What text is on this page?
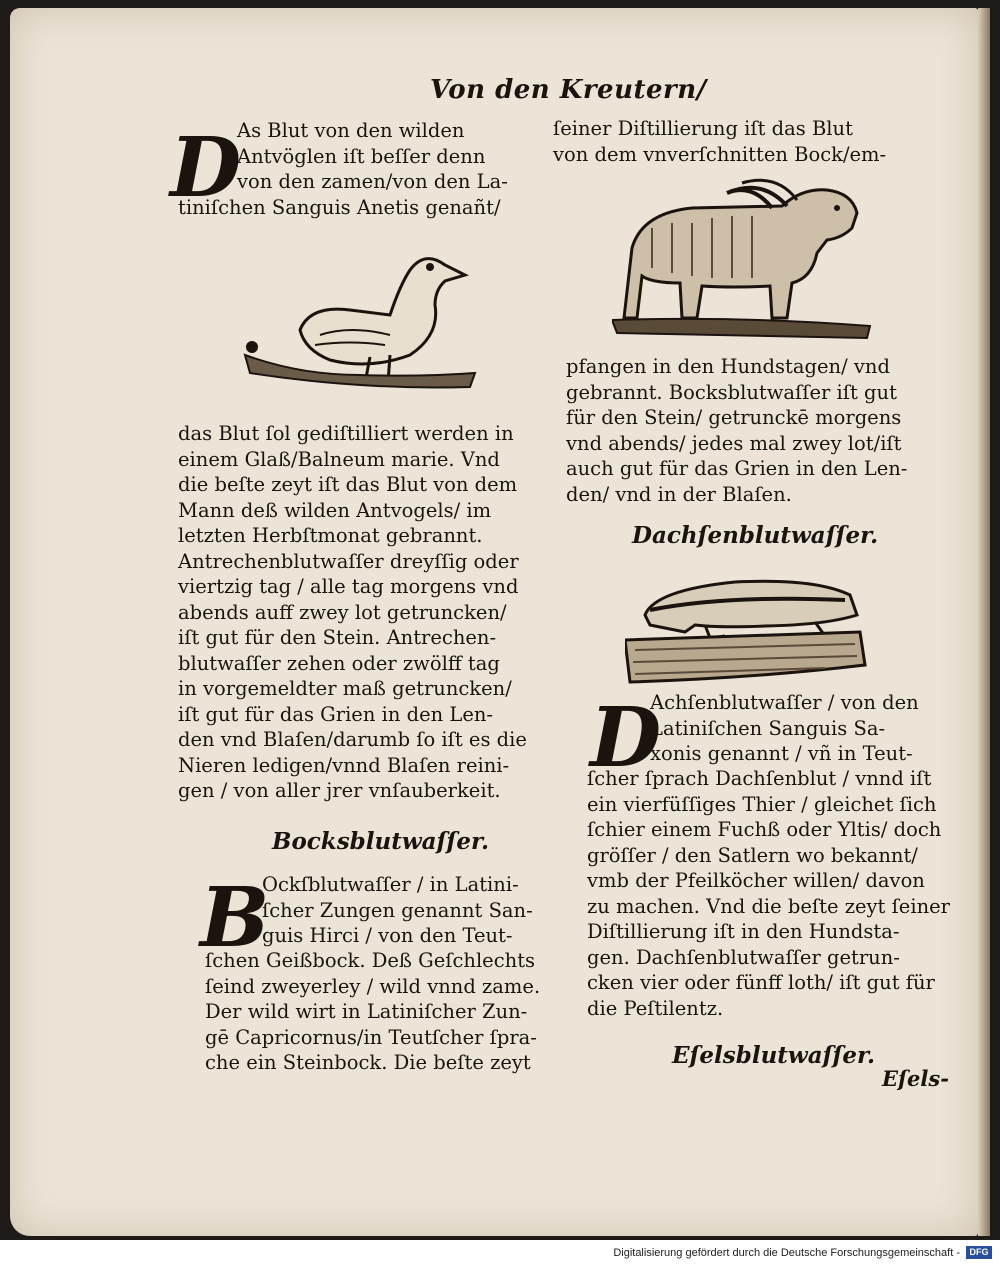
Von den Kreutern/
D

As Blut von den wilden

Antvöglen iſt beſſer denn

von den zamen/von den La-

tiniſchen Sanguis Anetis genañt/

das Blut ſol gediſtilliert werden in

einem Glaß/Balneum marie. Vnd

die beſte zeyt iſt das Blut von dem

Mann deß wilden Antvogels/ im

letzten Herbſtmonat gebrannt.

Antrechenblutwaſſer dreyſſig oder

viertzig tag / alle tag morgens vnd

abends auff zwey lot getruncken/

iſt gut für den Stein. Antrechen-

blutwaſſer zehen oder zwölff tag

in vorgemeldter maß getruncken/

iſt gut für das Grien in den Len-

den vnd Blaſen/darumb ſo iſt es die

Nieren ledigen/vnnd Blaſen reini-

gen / von aller jrer vnſauberkeit.

Bocksblutwaſſer.
B

Ockſblutwaſſer / in Latini-

ſcher Zungen genannt San-

guis Hirci / von den Teut-

ſchen Geißbock. Deß Geſchlechts

ſeind zweyerley / wild vnnd zame.

Der wild wirt in Latiniſcher Zun-

gē Capricornus/in Teutſcher ſpra-

che ein Steinbock. Die beſte zeyt

ſeiner Diſtillierung iſt das Blut

von dem vnverſchnitten Bock/em-

pfangen in den Hundstagen/ vnd

gebrannt. Bocksblutwaſſer iſt gut

für den Stein/ getrunckē morgens

vnd abends/ jedes mal zwey lot/iſt

auch gut für das Grien in den Len-

den/ vnd in der Blaſen.

Dachſenblutwaſſer.
D

Achſenblutwaſſer / von den

Latiniſchen Sanguis Sa-

xonis genannt / vñ in Teut-

ſcher ſprach Dachſenblut / vnnd iſt

ein vierfüſſiges Thier / gleichet ſich

ſchier einem Fuchß oder Yltis/ doch

gröſſer / den Satlern wo bekannt/

vmb der Pfeilköcher willen/ davon

zu machen. Vnd die beſte zeyt ſeiner

Diſtillierung iſt in den Hundsta-

gen. Dachſenblutwaſſer getrun-

cken vier oder fünff loth/ iſt gut für

die Peſtilentz.

Eſelsblutwaſſer.
Eſels-
Digitalisierung gefördert durch die Deutsche Forschungsgemeinschaft -	DFG
